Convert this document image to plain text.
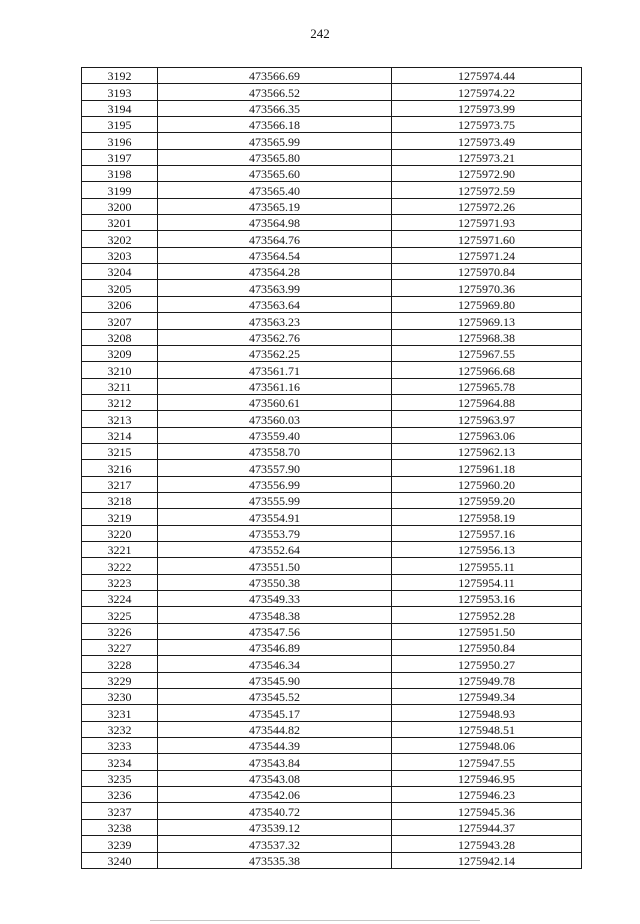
242
3192	473566.69	1275974.44
3193	473566.52	1275974.22
3194	473566.35	1275973.99
3195	473566.18	1275973.75
3196	473565.99	1275973.49
3197	473565.80	1275973.21
3198	473565.60	1275972.90
3199	473565.40	1275972.59
3200	473565.19	1275972.26
3201	473564.98	1275971.93
3202	473564.76	1275971.60
3203	473564.54	1275971.24
3204	473564.28	1275970.84
3205	473563.99	1275970.36
3206	473563.64	1275969.80
3207	473563.23	1275969.13
3208	473562.76	1275968.38
3209	473562.25	1275967.55
3210	473561.71	1275966.68
3211	473561.16	1275965.78
3212	473560.61	1275964.88
3213	473560.03	1275963.97
3214	473559.40	1275963.06
3215	473558.70	1275962.13
3216	473557.90	1275961.18
3217	473556.99	1275960.20
3218	473555.99	1275959.20
3219	473554.91	1275958.19
3220	473553.79	1275957.16
3221	473552.64	1275956.13
3222	473551.50	1275955.11
3223	473550.38	1275954.11
3224	473549.33	1275953.16
3225	473548.38	1275952.28
3226	473547.56	1275951.50
3227	473546.89	1275950.84
3228	473546.34	1275950.27
3229	473545.90	1275949.78
3230	473545.52	1275949.34
3231	473545.17	1275948.93
3232	473544.82	1275948.51
3233	473544.39	1275948.06
3234	473543.84	1275947.55
3235	473543.08	1275946.95
3236	473542.06	1275946.23
3237	473540.72	1275945.36
3238	473539.12	1275944.37
3239	473537.32	1275943.28
3240	473535.38	1275942.14
